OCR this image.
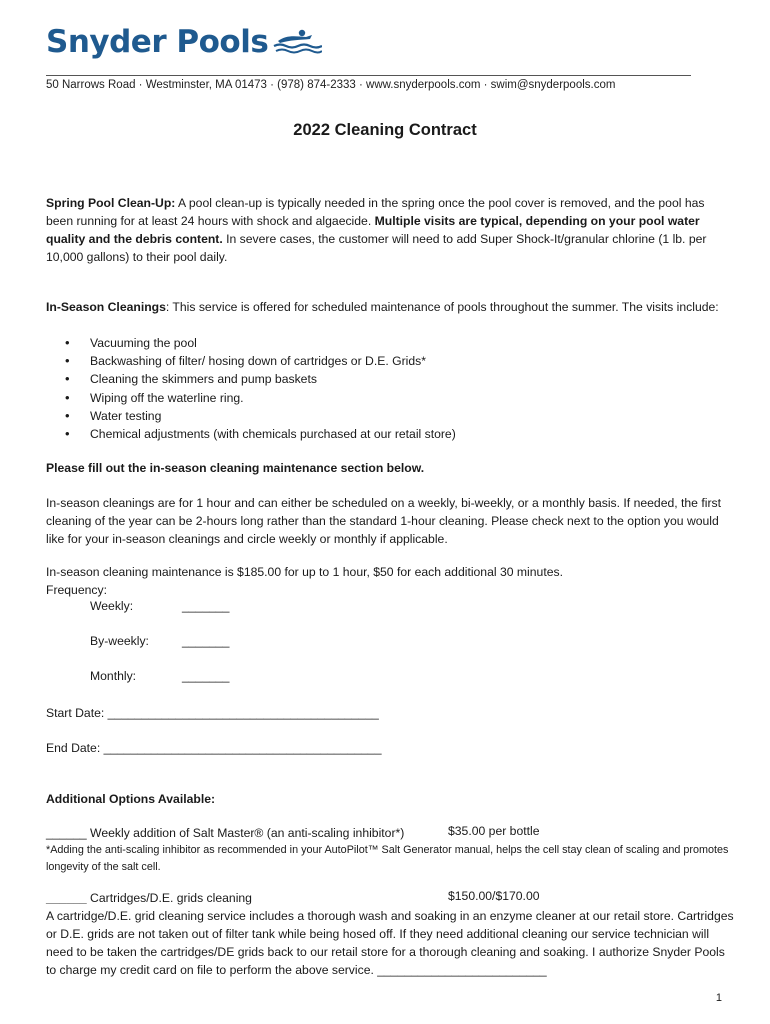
Snyder Pools
50 Narrows Road · Westminster, MA 01473 · (978) 874-2333 · www.snyderpools.com · swim@snyderpools.com
2022 Cleaning Contract
Spring Pool Clean-Up: A pool clean-up is typically needed in the spring once the pool cover is removed, and the pool has been running for at least 24 hours with shock and algaecide. Multiple visits are typical, depending on your pool water quality and the debris content. In severe cases, the customer will need to add Super Shock-It/granular chlorine (1 lb. per 10,000 gallons) to their pool daily.
In-Season Cleanings: This service is offered for scheduled maintenance of pools throughout the summer. The visits include:
• Vacuuming the pool
• Backwashing of filter/ hosing down of cartridges or D.E. Grids*
• Cleaning the skimmers and pump baskets
• Wiping off the waterline ring.
• Water testing
• Chemical adjustments (with chemicals purchased at our retail store)
Please fill out the in-season cleaning maintenance section below.
In-season cleanings are for 1 hour and can either be scheduled on a weekly, bi-weekly, or a monthly basis. If needed, the first cleaning of the year can be 2-hours long rather than the standard 1-hour cleaning. Please check next to the option you would like for your in-season cleanings and circle weekly or monthly if applicable.
In-season cleaning maintenance is $185.00 for up to 1 hour, $50 for each additional 30 minutes.
Frequency:
Weekly:	_______
By-weekly:	_______
Monthly:	_______
Start Date: ________________________________________
End Date: _________________________________________
Additional Options Available:
______ Weekly addition of Salt Master® (an anti-scaling inhibitor*)	$35.00 per bottle
*Adding the anti-scaling inhibitor as recommended in your AutoPilot™ Salt Generator manual, helps the cell stay clean of scaling and promotes longevity of the salt cell.
______ Cartridges/D.E. grids cleaning	$150.00/$170.00
A cartridge/D.E. grid cleaning service includes a thorough wash and soaking in an enzyme cleaner at our retail store. Cartridges or D.E. grids are not taken out of filter tank while being hosed off. If they need additional cleaning our service technician will need to be taken the cartridges/DE grids back to our retail store for a thorough cleaning and soaking. I authorize Snyder Pools to charge my credit card on file to perform the above service. _________________________
1
